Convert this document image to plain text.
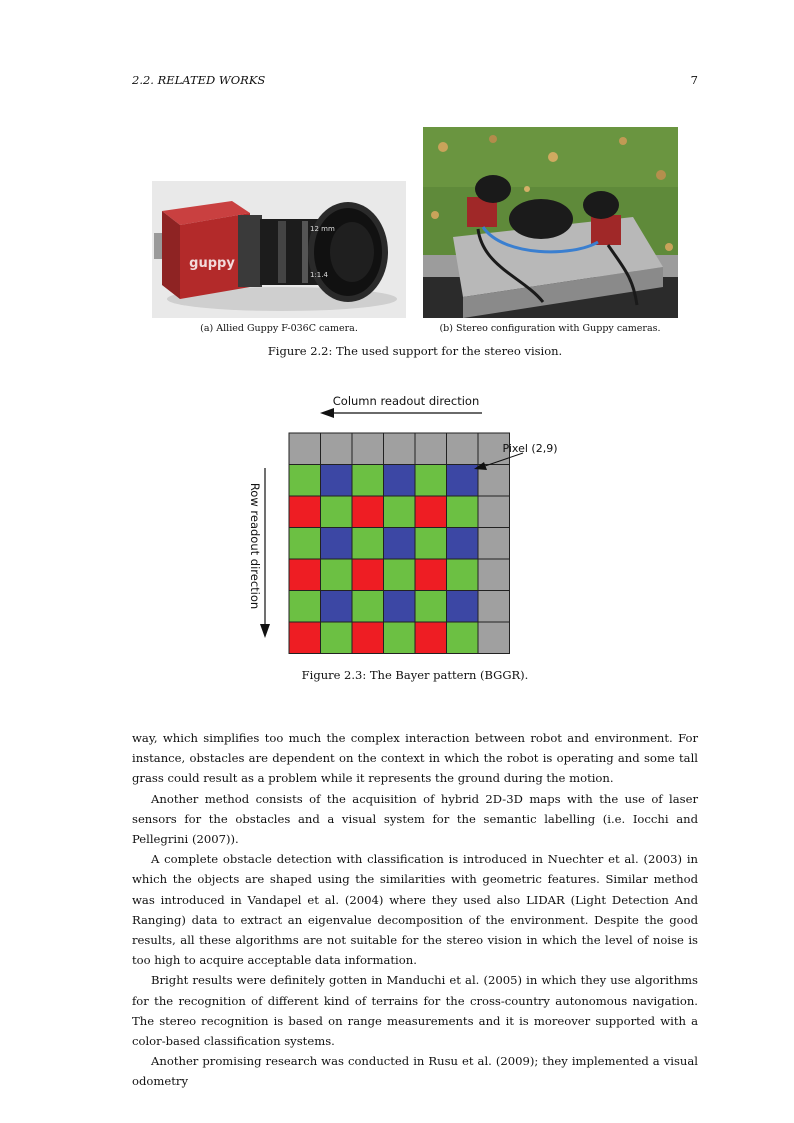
2.2. RELATED WORKS	7
guppy
12 mm
1:1.4
(a) Allied Guppy F-036C camera.	(b) Stereo configuration with Guppy cameras.
Figure 2.2: The used support for the stereo vision.
Column readout direction
Row readout direction
Pixel (2,9)
Figure 2.3: The Bayer pattern (BGGR).

way, which simplifies too much the complex interaction between robot and environment. For instance, obstacles are dependent on the context in which the robot is operating and some tall grass could result as a problem while it represents the ground during the motion.

Another method consists of the acquisition of hybrid 2D-3D maps with the use of laser sensors for the obstacles and a visual system for the semantic labelling (i.e. Iocchi and Pellegrini (2007)).

A complete obstacle detection with classification is introduced in Nuechter et al. (2003) in which the objects are shaped using the similarities with geometric features. Similar method was introduced in Vandapel et al. (2004) where they used also LIDAR (Light Detection And Ranging) data to extract an eigenvalue decomposition of the environment. Despite the good results, all these algorithms are not suitable for the stereo vision in which the level of noise is too high to acquire acceptable data information.

Bright results were definitely gotten in Manduchi et al. (2005) in which they use algorithms for the recognition of different kind of terrains for the cross-country autonomous navigation. The stereo recognition is based on range measurements and it is moreover supported with a color-based classification systems.

Another promising research was conducted in Rusu et al. (2009); they implemented a visual odometry
